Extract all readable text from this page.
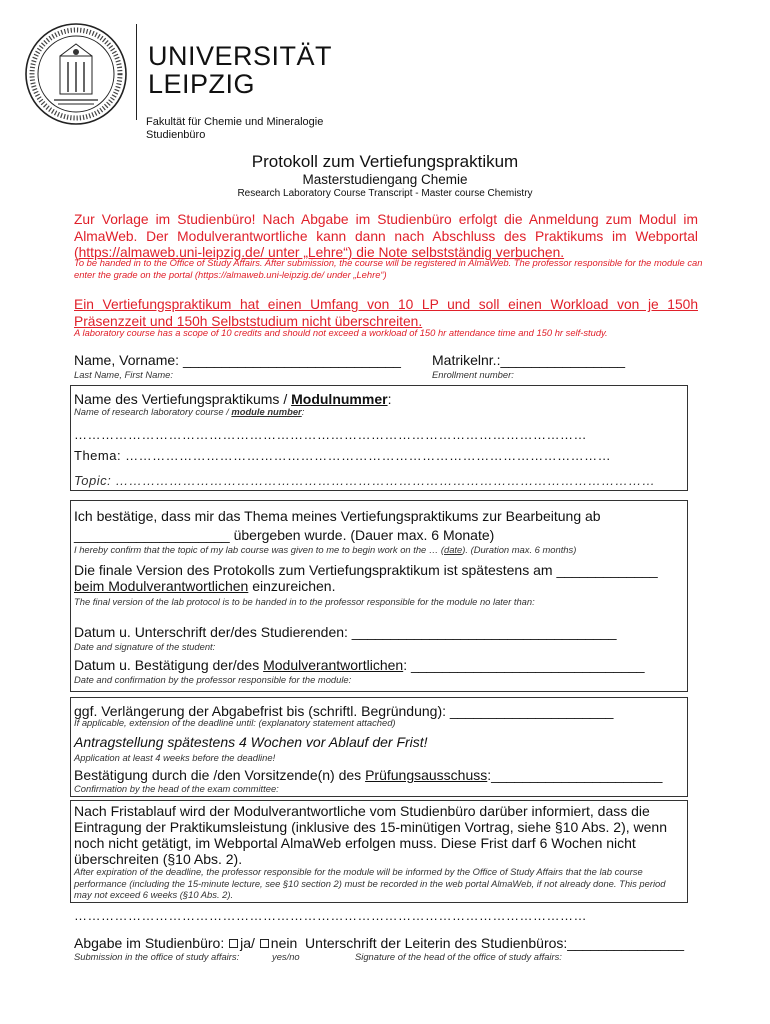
UNIVERSITÄT
LEIPZIG
Fakultät für Chemie und Mineralogie
Studienbüro
Protokoll zum Vertiefungspraktikum
Masterstudiengang Chemie
Research Laboratory Course Transcript - Master course Chemistry
Zur Vorlage im Studienbüro! Nach Abgabe im Studienbüro erfolgt die Anmeldung zum Modul im AlmaWeb. Der Modulverantwortliche kann dann nach Abschluss des Praktikums im Webportal (https://almaweb.uni-leipzig.de/ unter „Lehre“) die Note selbstständig verbuchen.
To be handed in to the Office of Study Affairs. After submission, the course will be registered in AlmaWeb. The professor responsible for the module can enter the grade on the portal (https://almaweb.uni-leipzig.de/ under „Lehre“)
Ein Vertiefungspraktikum hat einen Umfang von 10 LP und soll einen Workload von je 150h Präsenzzeit und 150h Selbststudium nicht überschreiten.
A laboratory course has a scope of 10 credits and should not exceed a workload of 150 hr attendance time and 150 hr self-study.
Name, Vorname: ____________________________
Last Name, First Name:
Matrikelnr.:________________
Enrollment number:
Name des Vertiefungspraktikums / Modulnummer:
Name of research laboratory course / module number:
……………………………………………………………………………………………………
Thema: ………………………………………………………………………………………………
Topic: …………………………………………………………………………………………………………
Ich bestätige, dass mir das Thema meines Vertiefungspraktikums zur Bearbeitung ab
____________________ übergeben wurde. (Dauer max. 6 Monate)
I hereby confirm that the topic of my lab course was given to me to begin work on the … (date). (Duration max. 6 months)
Die finale Version des Protokolls zum Vertiefungspraktikum ist spätestens am _____________
beim Modulverantwortlichen einzureichen.
The final version of the lab protocol is to be handed in to the professor responsible for the module no later than:
Datum u. Unterschrift der/des Studierenden: __________________________________
Date and signature of the student:
Datum u. Bestätigung der/des Modulverantwortlichen: ______________________________
Date and confirmation by the professor responsible for the module:
ggf. Verlängerung der Abgabefrist bis (schriftl. Begründung): _____________________
If applicable, extension of the deadline until: (explanatory statement attached)
Antragstellung spätestens 4 Wochen vor Ablauf der Frist!
Application at least 4 weeks before the deadline!
Bestätigung durch die /den Vorsitzende(n) des Prüfungsausschuss:______________________
Confirmation by the head of the exam committee:
Nach Fristablauf wird der Modulverantwortliche vom Studienbüro darüber informiert, dass die Eintragung der Praktikumsleistung (inklusive des 15-minütigen Vortrag, siehe §10 Abs. 2), wenn noch nicht getätigt, im Webportal AlmaWeb erfolgen muss. Diese Frist darf 6 Wochen nicht überschreiten (§10 Abs. 2).
After expiration of the deadline, the professor responsible for the module will be informed by the Office of Study Affairs that the lab course performance (including the 15-minute lecture, see §10 section 2) must be recorded in the web portal AlmaWeb, if not already done. This period may not exceed 6 weeks (§10 Abs. 2).
……………………………………………………………………………………………………
Abgabe im Studienbüro: ja/ nein Unterschrift der Leiterin des Studienbüros:_______________
Submission in the office of study affairs:	yes/no	Signature of the head of the office of study affairs:
